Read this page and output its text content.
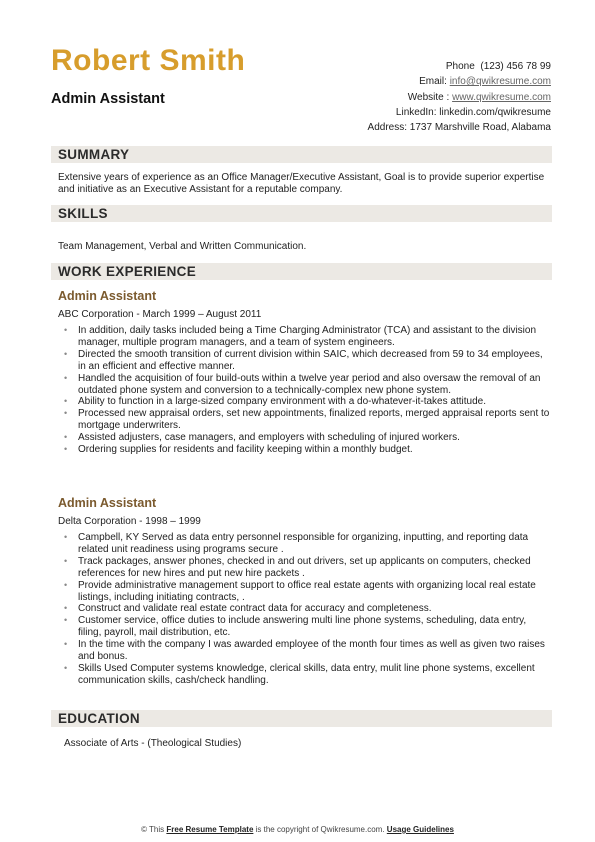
Robert Smith
Admin Assistant
Phone (123) 456 78 99
Email: info@qwikresume.com
Website : www.qwikresume.com
LinkedIn: linkedin.com/qwikresume
Address: 1737 Marshville Road, Alabama
SUMMARY
Extensive years of experience as an Office Manager/Executive Assistant, Goal is to provide superior expertise and initiative as an Executive Assistant for a reputable company.
SKILLS
Team Management, Verbal and Written Communication.
WORK EXPERIENCE
Admin Assistant
ABC Corporation - March 1999 – August 2011
• In addition, daily tasks included being a Time Charging Administrator (TCA) and assistant to the division manager, multiple program managers, and a team of system engineers.
• Directed the smooth transition of current division within SAIC, which decreased from 59 to 34 employees, in an efficient and effective manner.
• Handled the acquisition of four build-outs within a twelve year period and also oversaw the removal of an outdated phone system and conversion to a technically-complex new phone system.
• Ability to function in a large-sized company environment with a do-whatever-it-takes attitude.
• Processed new appraisal orders, set new appointments, finalized reports, merged appraisal reports sent to mortgage underwriters.
• Assisted adjusters, case managers, and employers with scheduling of injured workers.
• Ordering supplies for residents and facility keeping within a monthly budget.
Admin Assistant
Delta Corporation - 1998 – 1999
• Campbell, KY Served as data entry personnel responsible for organizing, inputting, and reporting data related unit readiness using programs secure .
• Track packages, answer phones, checked in and out drivers, set up applicants on computers, checked references for new hires and put new hire packets .
• Provide administrative management support to office real estate agents with organizing local real estate listings, including initiating contracts, .
• Construct and validate real estate contract data for accuracy and completeness.
• Customer service, office duties to include answering multi line phone systems, scheduling, data entry, filing, payroll, mail distribution, etc.
• In the time with the company I was awarded employee of the month four times as well as given two raises and bonus.
• Skills Used Computer systems knowledge, clerical skills, data entry, mulit line phone systems, excellent communication skills, cash/check handling.
EDUCATION
Associate of Arts - (Theological Studies)
© This Free Resume Template is the copyright of Qwikresume.com. Usage Guidelines
